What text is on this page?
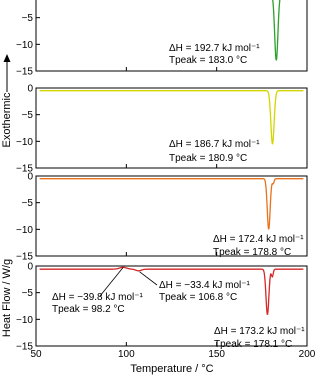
Heat Flow / W/g
Exothermic
Temperature / °C
−5
−10
−15
ΔH = 192.7 kJ mol⁻¹
Tpeak = 183.0 °C
0
−5
−10
−15
ΔH = 186.7 kJ mol⁻¹
Tpeak = 180.9 °C
0
−5
−10
−15
ΔH = 172.4 kJ mol⁻¹
Tpeak = 178.8 °C
0
−5
−10
−15
ΔH = −39.8 kJ mol⁻¹
Tpeak = 98.2 °C
ΔH = −33.4 kJ mol⁻¹
Tpeak = 106.8 °C
ΔH = 173.2 kJ mol⁻¹
Tpeak = 178.1 °C
50	100	150	200
